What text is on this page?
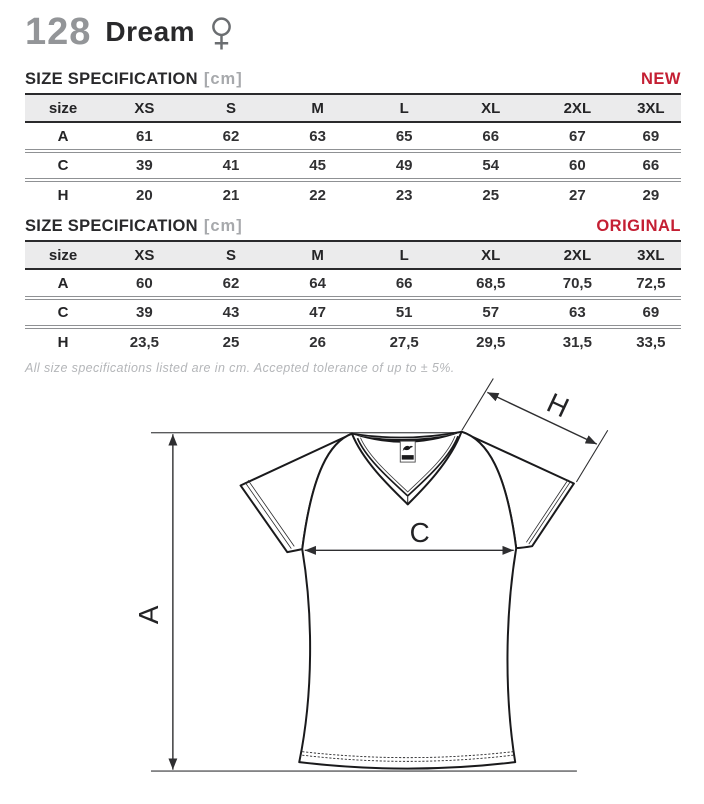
128 Dream
SIZE SPECIFICATION [cm]	NEW
size	XS	S	M	L	XL	2XL	3XL
A	61	62	63	65	66	67	69
C	39	41	45	49	54	60	66
H	20	21	22	23	25	27	29
SIZE SPECIFICATION [cm]	ORIGINAL
size	XS	S	M	L	XL	2XL	3XL
A	60	62	64	66	68,5	70,5	72,5
C	39	43	47	51	57	63	69
H	23,5	25	26	27,5	29,5	31,5	33,5

All size specifications listed are in cm. Accepted tolerance of up to ± 5%.

A
C
H
